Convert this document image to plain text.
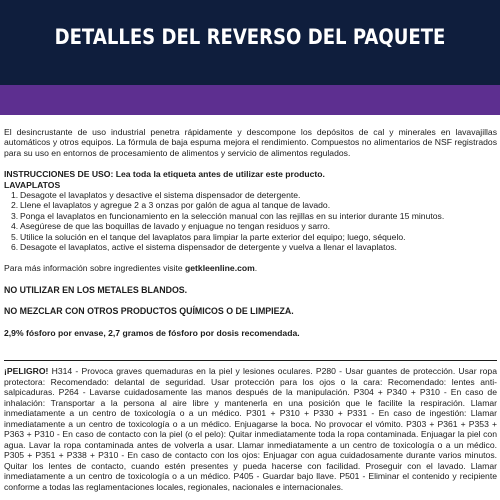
DETALLES DEL REVERSO DEL PAQUETE

El desincrustante de uso industrial penetra rápidamente y descompone los depósitos de cal y minerales en lavavajillas automáticos y otros equipos. La fórmula de baja espuma mejora el rendimiento. Compuestos no alimentarios de NSF registrados para su uso en entornos de procesamiento de alimentos y servicio de alimentos regulados.

INSTRUCCIONES DE USO: Lea toda la etiqueta antes de utilizar este producto.

LAVAPLATOS

1. Desagote el lavaplatos y desactive el sistema dispensador de detergente.
2. Llene el lavaplatos y agregue 2 a 3 onzas por galón de agua al tanque de lavado.
3. Ponga el lavaplatos en funcionamiento en la selección manual con las rejillas en su interior durante 15 minutos.
4. Asegúrese de que las boquillas de lavado y enjuague no tengan residuos y sarro.
5. Utilice la solución en el tanque del lavaplatos para limpiar la parte exterior del equipo; luego, séquelo.
6. Desagote el lavaplatos, active el sistema dispensador de detergente y vuelva a llenar el lavaplatos.

Para más información sobre ingredientes visite getkleenline.com.

NO UTILIZAR EN LOS METALES BLANDOS.

NO MEZCLAR CON OTROS PRODUCTOS QUÍMICOS O DE LIMPIEZA.

2,9% fósforo por envase, 2,7 gramos de fósforo por dosis recomendada.

¡PELIGRO! H314 - Provoca graves quemaduras en la piel y lesiones oculares. P280 - Usar guantes de protección. Usar ropa protectora: Recomendado: delantal de seguridad. Usar protección para los ojos o la cara: Recomendado: lentes anti-salpicaduras. P264 - Lavarse cuidadosamente las manos después de la manipulación. P304 + P340 + P310 - En caso de inhalación: Transportar a la persona al aire libre y mantenerla en una posición que le facilite la respiración. Llamar inmediatamente a un centro de toxicología o a un médico. P301 + P310 + P330 + P331 - En caso de ingestión: Llamar inmediatamente a un centro de toxicología o a un médico. Enjuagarse la boca. No provocar el vómito. P303 + P361 + P353 + P363 + P310 - En caso de contacto con la piel (o el pelo): Quitar inmediatamente toda la ropa contaminada. Enjuagar la piel con agua. Lavar la ropa contaminada antes de volverla a usar. Llamar inmediatamente a un centro de toxicología o a un médico. P305 + P351 + P338 + P310 - En caso de contacto con los ojos: Enjuagar con agua cuidadosamente durante varios minutos. Quitar los lentes de contacto, cuando estén presentes y pueda hacerse con facilidad. Proseguir con el lavado. Llamar inmediatamente a un centro de toxicología o a un médico. P405 - Guardar bajo llave. P501 - Eliminar el contenido y recipiente conforme a todas las reglamentaciones locales, regionales, nacionales e internacionales.
